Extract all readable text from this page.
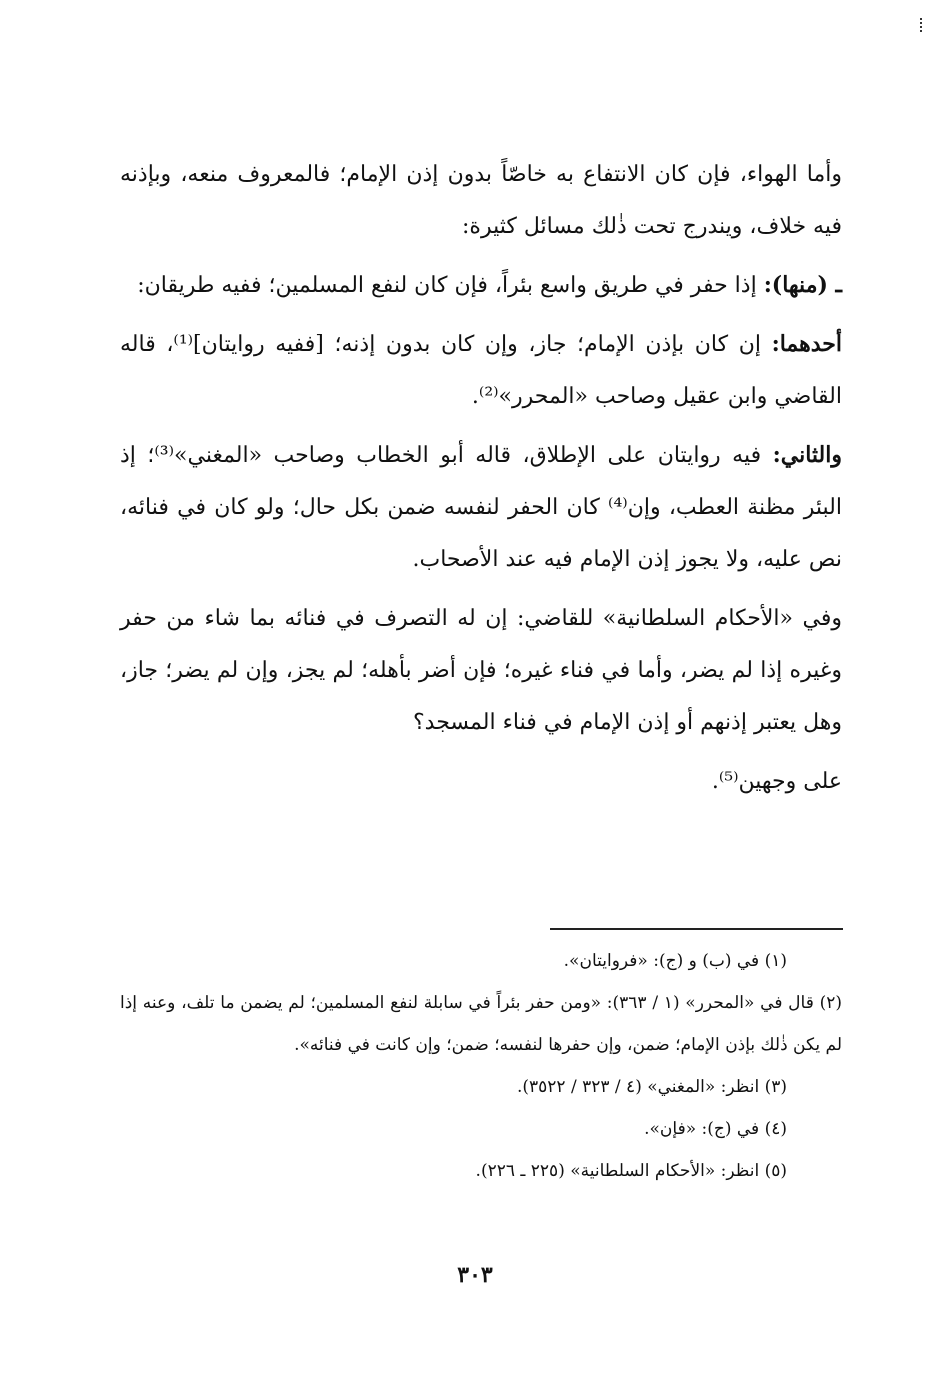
وأما الهواء، فإن كان الانتفاع به خاصّاً بدون إذن الإمام؛ فالمعروف منعه، وبإذنه فيه خلاف، ويندرج تحت ذٰلك مسائل كثيرة:

ـ (منها): إذا حفر في طريق واسع بئراً، فإن كان لنفع المسلمين؛ ففيه طريقان:

أحدهما: إن كان بإذن الإمام؛ جاز، وإن كان بدون إذنه؛ [ففيه روايتان]⁽¹⁾، قاله القاضي وابن عقيل وصاحب «المحرر»⁽²⁾.

والثاني: فيه روايتان على الإطلاق، قاله أبو الخطاب وصاحب «المغني»⁽³⁾؛ إذ البئر مظنة العطب، وإن⁽⁴⁾ كان الحفر لنفسه ضمن بكل حال؛ ولو كان في فنائه، نص عليه، ولا يجوز إذن الإمام فيه عند الأصحاب.

وفي «الأحكام السلطانية» للقاضي: إن له التصرف في فنائه بما شاء من حفر وغيره إذا لم يضر، وأما في فناء غيره؛ فإن أضر بأهله؛ لم يجز، وإن لم يضر؛ جاز، وهل يعتبر إذنهم أو إذن الإمام في فناء المسجد؟

على وجهين⁽⁵⁾.

(١) في (ب) و (ج): «فروايتان».

(٢) قال في «المحرر» (١ / ٣٦٣): «ومن حفر بئراً في سابلة لنفع المسلمين؛ لم يضمن ما تلف، وعنه إذا لم يكن ذٰلك بإذن الإمام؛ ضمن، وإن حفرها لنفسه؛ ضمن؛ وإن كانت في فنائه».

(٣) انظر: «المغني» (٤ / ٣٢٣ / ٣٥٢٢).

(٤) في (ج): «فإن».

(٥) انظر: «الأحكام السلطانية» (٢٢٥ ـ ٢٢٦).

٣٠٣
